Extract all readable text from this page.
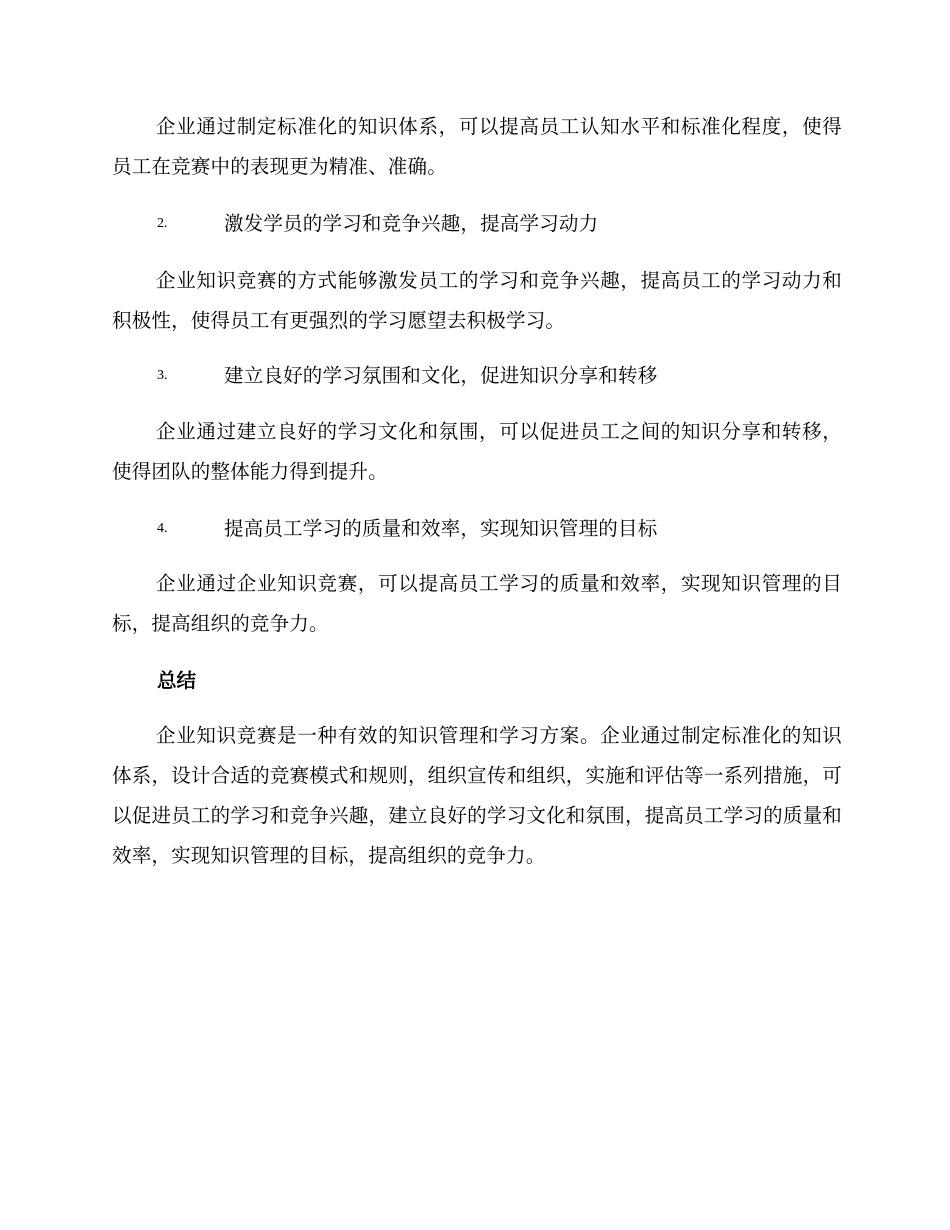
企业通过制定标准化的知识体系，可以提高员工认知水平和标准化程度，使得员工在竞赛中的表现更为精准、准确。

2.	激发学员的学习和竞争兴趣，提高学习动力

企业知识竞赛的方式能够激发员工的学习和竞争兴趣，提高员工的学习动力和积极性，使得员工有更强烈的学习愿望去积极学习。

3.	建立良好的学习氛围和文化，促进知识分享和转移

企业通过建立良好的学习文化和氛围，可以促进员工之间的知识分享和转移，使得团队的整体能力得到提升。

4.	提高员工学习的质量和效率，实现知识管理的目标

企业通过企业知识竞赛，可以提高员工学习的质量和效率，实现知识管理的目标，提高组织的竞争力。

总结

企业知识竞赛是一种有效的知识管理和学习方案。企业通过制定标准化的知识体系，设计合适的竞赛模式和规则，组织宣传和组织，实施和评估等一系列措施，可以促进员工的学习和竞争兴趣，建立良好的学习文化和氛围，提高员工学习的质量和效率，实现知识管理的目标，提高组织的竞争力。
